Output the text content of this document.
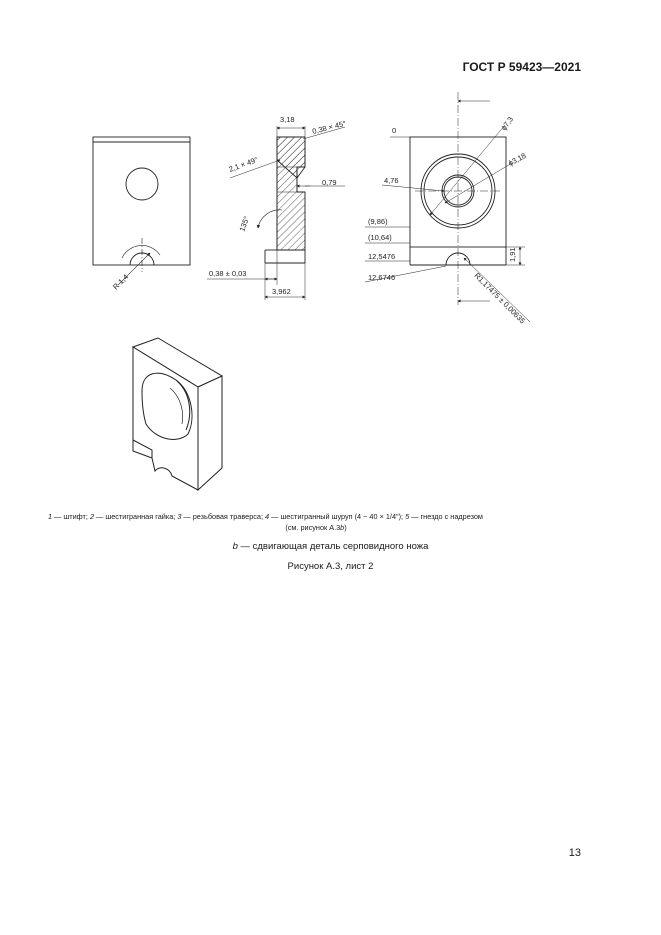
ГОСТ Р 59423—2021
R 1,4
3,18 0,38 × 45°
2,1 × 49°
0,79
135°
0,38 ± 0,03
3,962
0	ϕ7,3
ϕ3,18
4,76
(9,86)
(10,64)
12,5476
12,6746
1,91
R1,17475 ± 0,00635
1 — штифт; 2 — шестигранная гайка; 3 — резьбовая траверса; 4 — шестигранный шуруп (4 − 40 × 1/4"); 5 — гнездо с надрезом
(см. рисунок А.3b)
b — сдвигающая деталь серповидного ножа
Рисунок А.3, лист 2
13
